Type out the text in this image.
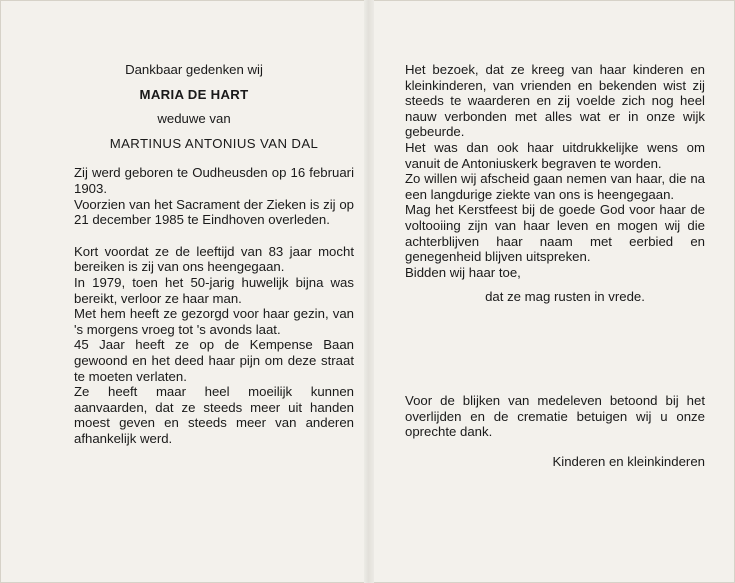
Dankbaar gedenken wij

MARIA DE HART

weduwe van

MARTINUS ANTONIUS VAN DAL

Zij werd geboren te Oudheusden op 16 februari 1903.

Voorzien van het Sacrament der Zieken is zij op 21 december 1985 te Eindhoven overleden.

Kort voordat ze de leeftijd van 83 jaar mocht bereiken is zij van ons heengegaan.

In 1979, toen het 50-jarig huwelijk bijna was bereikt, verloor ze haar man.

Met hem heeft ze gezorgd voor haar gezin, van 's morgens vroeg tot 's avonds laat.

45 Jaar heeft ze op de Kempense Baan gewoond en het deed haar pijn om deze straat te moeten verlaten.

Ze heeft maar heel moeilijk kunnen aanvaarden, dat ze steeds meer uit handen moest geven en steeds meer van anderen afhankelijk werd.

Het bezoek, dat ze kreeg van haar kinderen en kleinkinderen, van vrienden en bekenden wist zij steeds te waarderen en zij voelde zich nog heel nauw verbonden met alles wat er in onze wijk gebeurde.

Het was dan ook haar uitdrukkelijke wens om vanuit de Antoniuskerk begraven te worden.

Zo willen wij afscheid gaan nemen van haar, die na een langdurige ziekte van ons is heengegaan.

Mag het Kerstfeest bij de goede God voor haar de voltooiing zijn van haar leven en mogen wij die achterblijven haar naam met eerbied en genegenheid blijven uitspreken.

Bidden wij haar toe,

dat ze mag rusten in vrede.

Voor de blijken van medeleven betoond bij het overlijden en de crematie betuigen wij u onze oprechte dank.

Kinderen en kleinkinderen
